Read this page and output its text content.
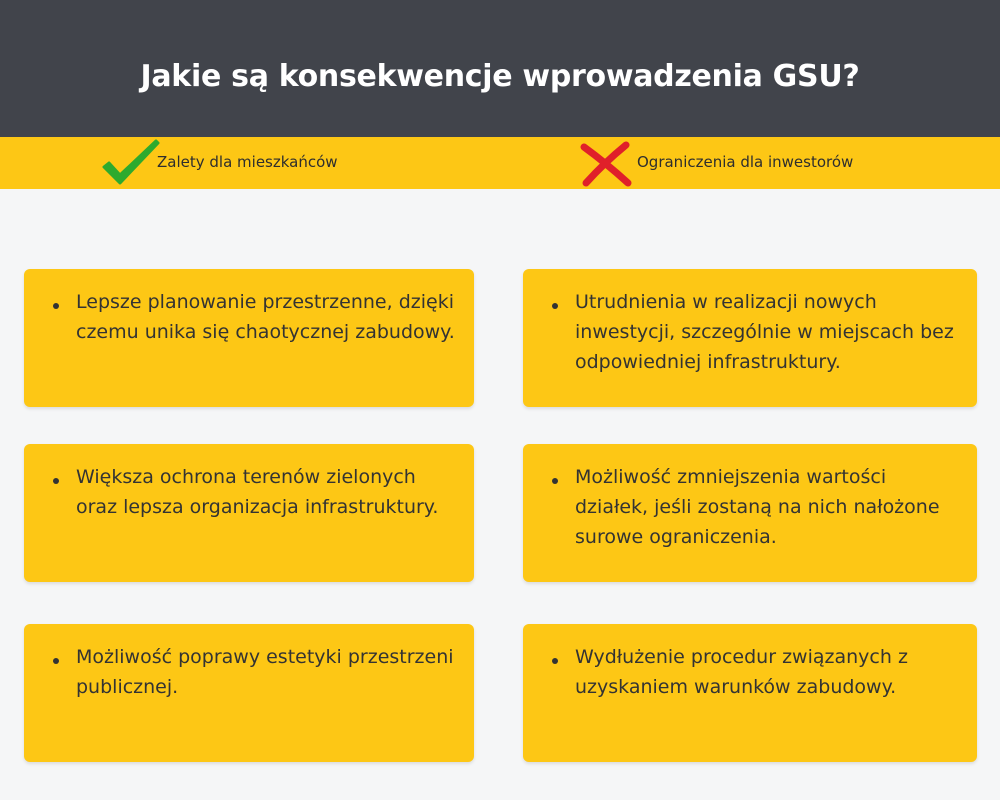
Jakie są konsekwencje wprowadzenia GSU?
Zalety dla mieszkańców	Ograniczenia dla inwestorów
Lepsze planowanie przestrzenne, dzięki czemu unika się chaotycznej zabudowy.
Większa ochrona terenów zielonych oraz lepsza organizacja infrastruktury.
Możliwość poprawy estetyki przestrzeni publicznej.
Utrudnienia w realizacji nowych inwestycji, szczególnie w miejscach bez odpowiedniej infrastruktury.
Możliwość zmniejszenia wartości działek, jeśli zostaną na nich nałożone surowe ograniczenia.
Wydłużenie procedur związanych z uzyskaniem warunków zabudowy.
